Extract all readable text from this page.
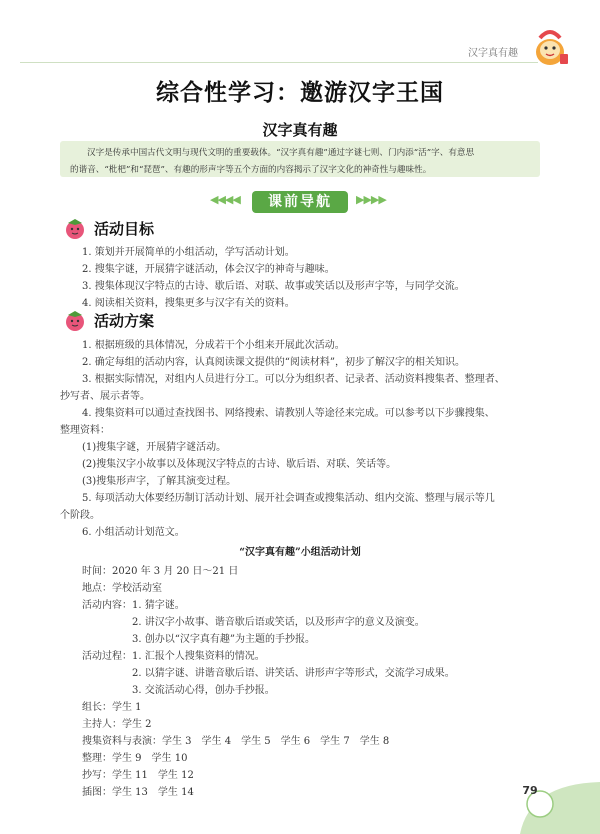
汉字真有趣
综合性学习：邀游汉字王国
汉字真有趣
汉字是传承中国古代文明与现代文明的重要载体。“汉字真有趣”通过字谜七则、门内添“活”字、有意思
的谐音、“枇杷”和“琵琶”、有趣的形声字等五个方面的内容揭示了汉字文化的神奇性与趣味性。
◀◀◀◀	课前导航	▶▶▶▶
活动目标
1. 策划并开展简单的小组活动，学写活动计划。
2. 搜集字谜，开展猜字谜活动，体会汉字的神奇与趣味。
3. 搜集体现汉字特点的古诗、歇后语、对联、故事或笑话以及形声字等，与同学交流。
4. 阅读相关资料，搜集更多与汉字有关的资料。
活动方案
1. 根据班级的具体情况，分成若干个小组来开展此次活动。
2. 确定每组的活动内容，认真阅读课文提供的“阅读材料”，初步了解汉字的相关知识。
3. 根据实际情况，对组内人员进行分工。可以分为组织者、记录者、活动资料搜集者、整理者、
抄写者、展示者等。
4. 搜集资料可以通过查找图书、网络搜索、请教别人等途径来完成。可以参考以下步骤搜集、
整理资料：
(1)搜集字谜，开展猜字谜活动。
(2)搜集汉字小故事以及体现汉字特点的古诗、歇后语、对联、笑话等。
(3)搜集形声字，了解其演变过程。
5. 每项活动大体要经历制订活动计划、展开社会调查或搜集活动、组内交流、整理与展示等几
个阶段。
6. 小组活动计划范文。
“汉字真有趣”小组活动计划
时间：2020 年 3 月 20 日～21 日
地点：学校活动室
活动内容：1. 猜字谜。
2. 讲汉字小故事、谐音歇后语或笑话，以及形声字的意义及演变。
3. 创办以“汉字真有趣”为主题的手抄报。
活动过程：1. 汇报个人搜集资料的情况。
2. 以猜字谜、讲谐音歇后语、讲笑话、讲形声字等形式，交流学习成果。
3. 交流活动心得，创办手抄报。
组长：学生 1
主持人：学生 2
搜集资料与表演：学生 3　学生 4　学生 5　学生 6　学生 7　学生 8
整理：学生 9　学生 10
抄写：学生 11　学生 12
插图：学生 13　学生 14	79
